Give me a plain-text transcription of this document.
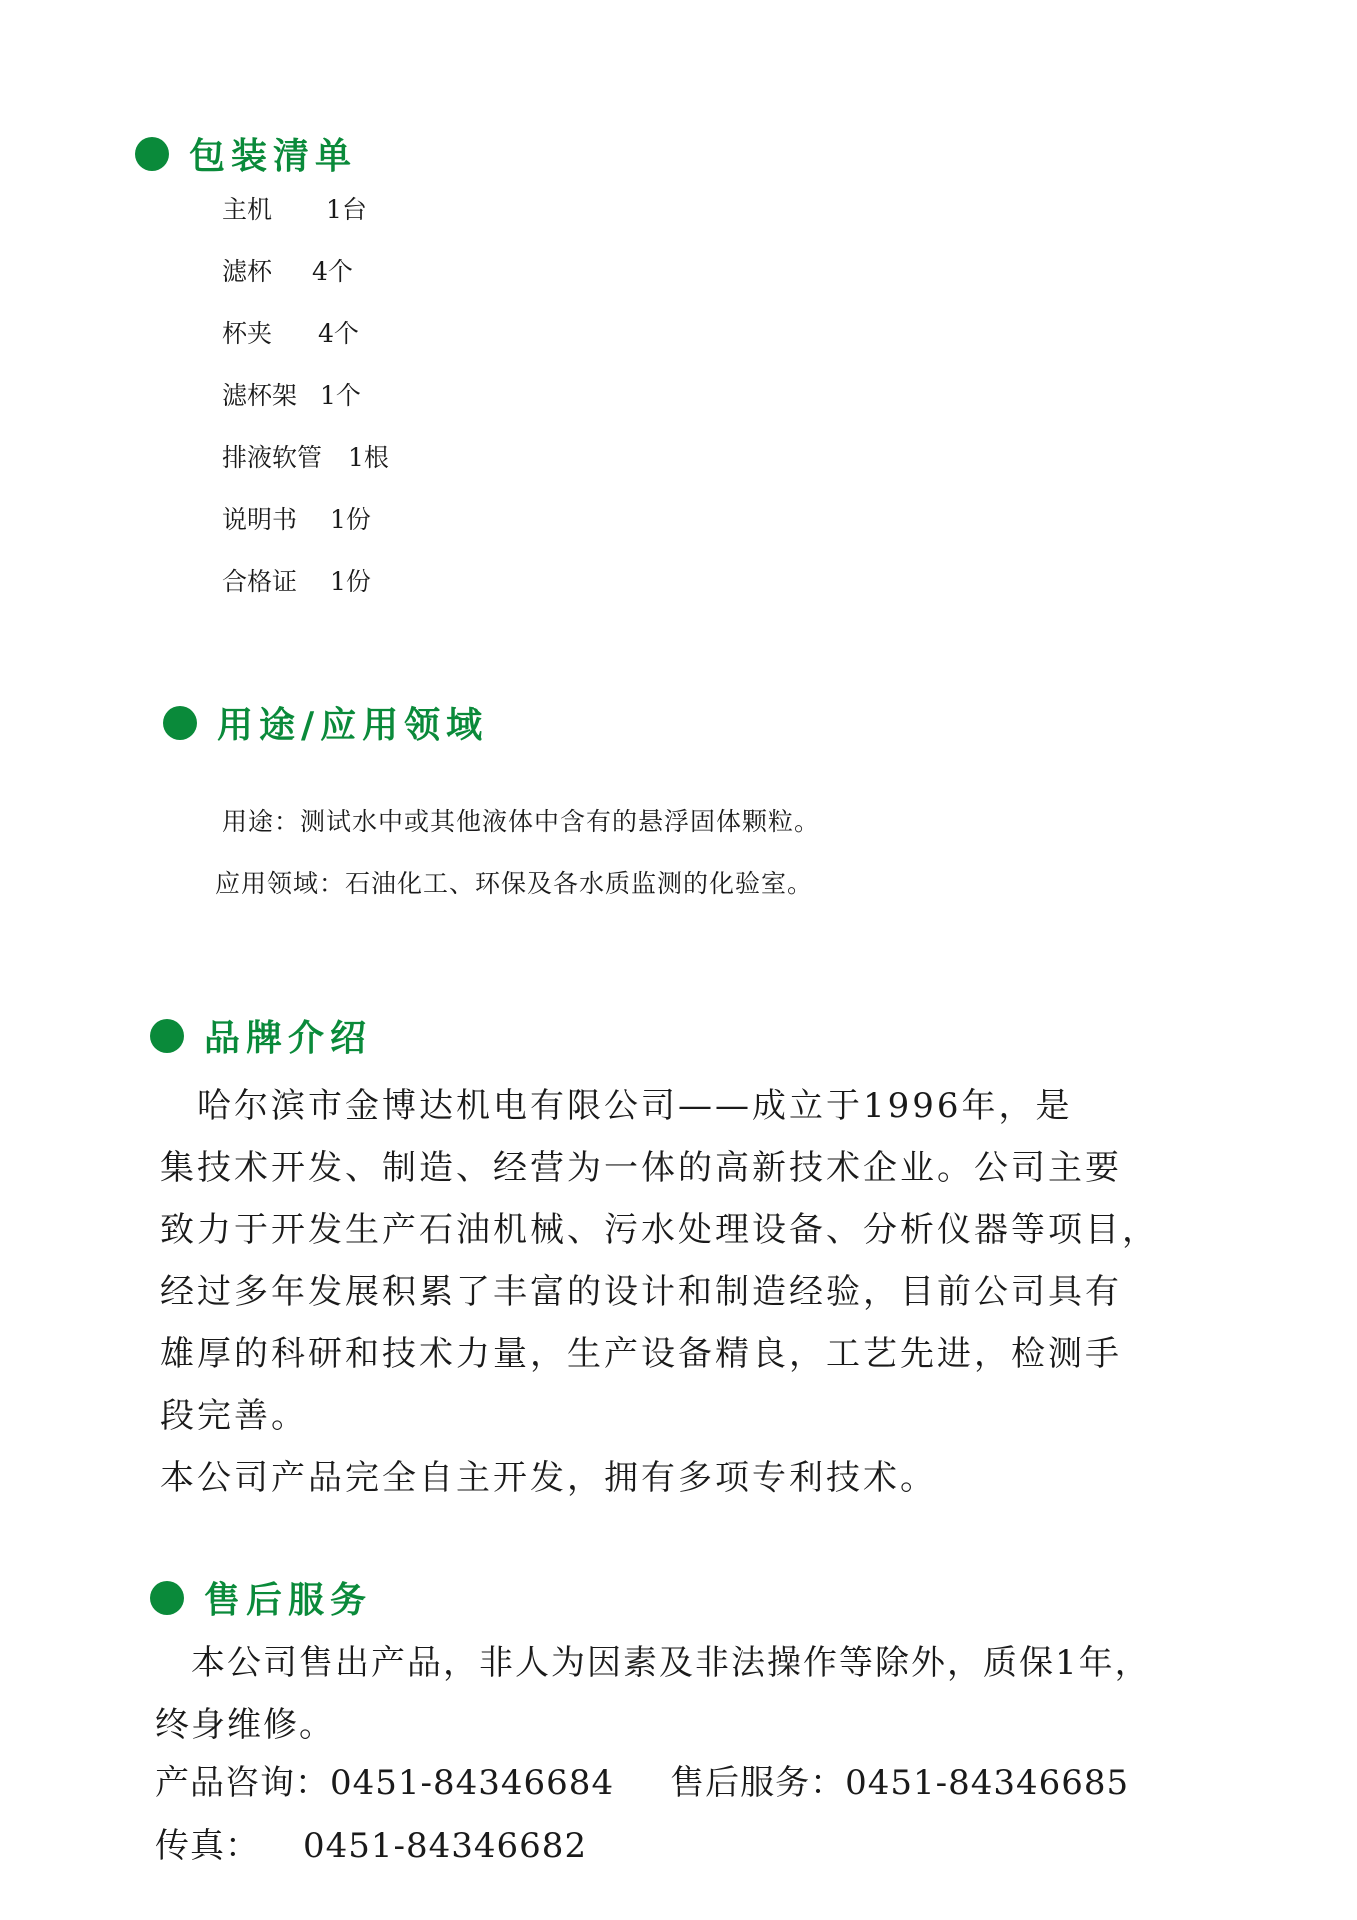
包装清单
主机 1台
滤杯 4个
杯夹 4个
滤杯架 1个
排液软管 1根
说明书 1份
合格证 1份
用途/应用领域
用途：测试水中或其他液体中含有的悬浮固体颗粒。
应用领域：石油化工、环保及各水质监测的化验室。
品牌介绍

　哈尔滨市金博达机电有限公司——成立于1996年，是

集技术开发、制造、经营为一体的高新技术企业。公司主要

致力于开发生产石油机械、污水处理设备、分析仪器等项目，

经过多年发展积累了丰富的设计和制造经验，目前公司具有

雄厚的科研和技术力量，生产设备精良，工艺先进，检测手

段完善。

本公司产品完全自主开发，拥有多项专利技术。

售后服务

　本公司售出产品，非人为因素及非法操作等除外，质保1年，

终身维修。

产品咨询：0451-84346684 售后服务：0451-84346685
传真： 0451-84346682
